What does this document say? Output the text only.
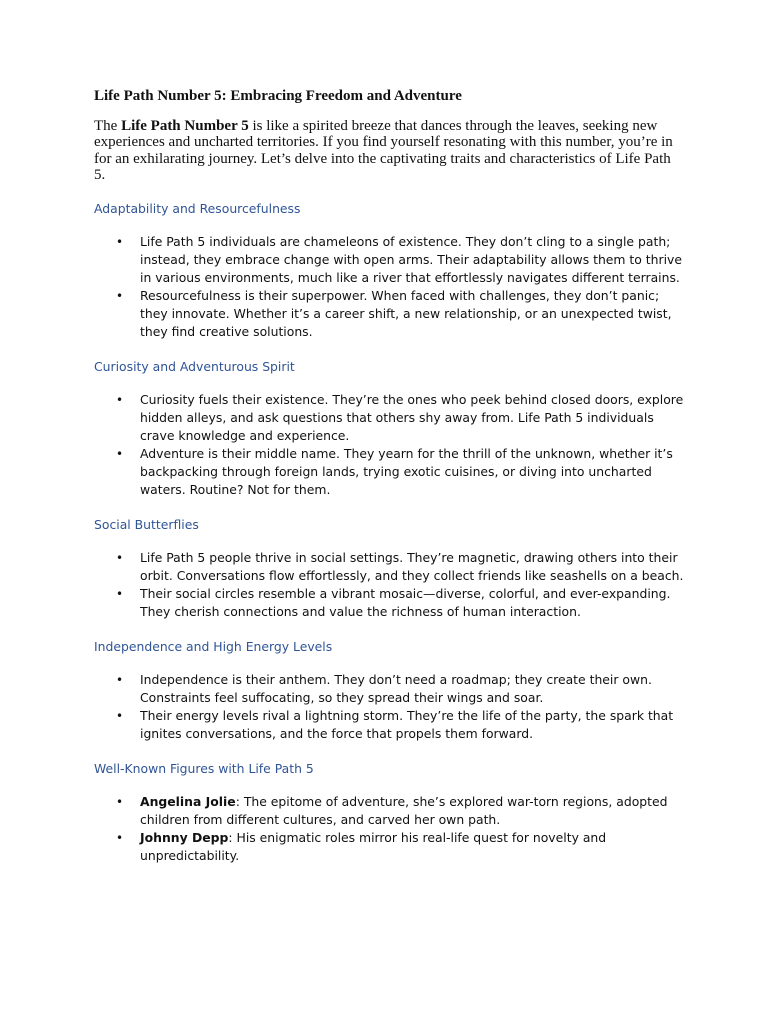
Life Path Number 5: Embracing Freedom and Adventure

The Life Path Number 5 is like a spirited breeze that dances through the leaves, seeking new experiences and uncharted territories. If you find yourself resonating with this number, you’re in for an exhilarating journey. Let’s delve into the captivating traits and characteristics of Life Path 5.

Adaptability and Resourcefulness
• Life Path 5 individuals are chameleons of existence. They don’t cling to a single path; instead, they embrace change with open arms. Their adaptability allows them to thrive in various environments, much like a river that effortlessly navigates different terrains.
• Resourcefulness is their superpower. When faced with challenges, they don’t panic; they innovate. Whether it’s a career shift, a new relationship, or an unexpected twist, they find creative solutions.
Curiosity and Adventurous Spirit
• Curiosity fuels their existence. They’re the ones who peek behind closed doors, explore hidden alleys, and ask questions that others shy away from. Life Path 5 individuals crave knowledge and experience.
• Adventure is their middle name. They yearn for the thrill of the unknown, whether it’s backpacking through foreign lands, trying exotic cuisines, or diving into uncharted waters. Routine? Not for them.
Social Butterflies
• Life Path 5 people thrive in social settings. They’re magnetic, drawing others into their orbit. Conversations flow effortlessly, and they collect friends like seashells on a beach.
• Their social circles resemble a vibrant mosaic—diverse, colorful, and ever-expanding. They cherish connections and value the richness of human interaction.
Independence and High Energy Levels
• Independence is their anthem. They don’t need a roadmap; they create their own. Constraints feel suffocating, so they spread their wings and soar.
• Their energy levels rival a lightning storm. They’re the life of the party, the spark that ignites conversations, and the force that propels them forward.
Well-Known Figures with Life Path 5
• Angelina Jolie: The epitome of adventure, she’s explored war-torn regions, adopted children from different cultures, and carved her own path.
• Johnny Depp: His enigmatic roles mirror his real-life quest for novelty and unpredictability.
